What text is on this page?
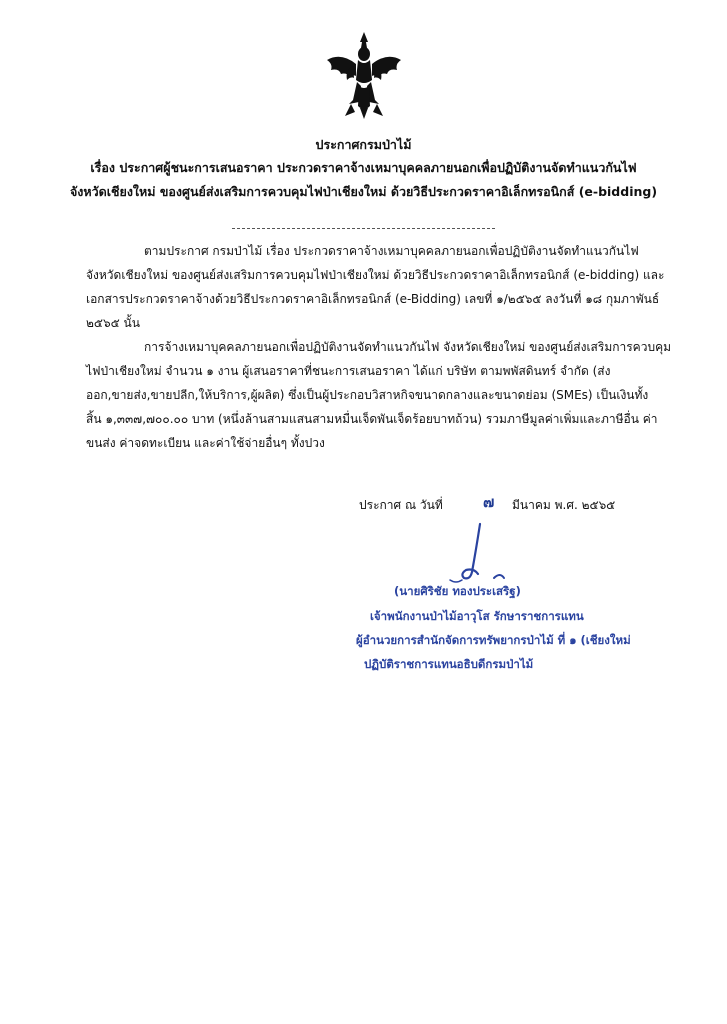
ประกาศกรมป่าไม้
เรื่อง ประกาศผู้ชนะการเสนอราคา ประกวดราคาจ้างเหมาบุคคลภายนอกเพื่อปฏิบัติงานจัดทำแนวกันไฟ
จังหวัดเชียงใหม่ ของศูนย์ส่งเสริมการควบคุมไฟป่าเชียงใหม่ ด้วยวิธีประกวดราคาอิเล็กทรอนิกส์ (e-bidding)
ตามประกาศ กรมป่าไม้ เรื่อง ประกวดราคาจ้างเหมาบุคคลภายนอกเพื่อปฏิบัติงานจัดทำแนวกันไฟ
จังหวัดเชียงใหม่ ของศูนย์ส่งเสริมการควบคุมไฟป่าเชียงใหม่ ด้วยวิธีประกวดราคาอิเล็กทรอนิกส์ (e-bidding) และ
เอกสารประกวดราคาจ้างด้วยวิธีประกวดราคาอิเล็กทรอนิกส์ (e-Bidding) เลขที่ ๑/๒๕๖๕ ลงวันที่ ๑๘ กุมภาพันธ์
๒๕๖๕ นั้น
การจ้างเหมาบุคคลภายนอกเพื่อปฏิบัติงานจัดทำแนวกันไฟ จังหวัดเชียงใหม่ ของศูนย์ส่งเสริมการควบคุม
ไฟป่าเชียงใหม่ จำนวน ๑ งาน ผู้เสนอราคาที่ชนะการเสนอราคา ได้แก่ บริษัท ตามพพัสดินทร์ จำกัด (ส่ง
ออก,ขายส่ง,ขายปลีก,ให้บริการ,ผู้ผลิต) ซึ่งเป็นผู้ประกอบวิสาหกิจขนาดกลางและขนาดย่อม (SMEs) เป็นเงินทั้ง
สิ้น ๑,๓๓๗,๗๐๐.๐๐ บาท (หนึ่งล้านสามแสนสามหมื่นเจ็ดพันเจ็ดร้อยบาทถ้วน) รวมภาษีมูลค่าเพิ่มและภาษีอื่น ค่า
ขนส่ง ค่าจดทะเบียน และค่าใช้จ่ายอื่นๆ ทั้งปวง
ประกาศ ณ วันที่	๗ มีนาคม พ.ศ. ๒๕๖๕
(นายศิริชัย ทองประเสริฐ)
เจ้าพนักงานป่าไม้อาวุโส รักษาราชการแทน
ผู้อำนวยการสำนักจัดการทรัพยากรป่าไม้ ที่ ๑ (เชียงใหม่
ปฏิบัติราชการแทนอธิบดีกรมป่าไม้
